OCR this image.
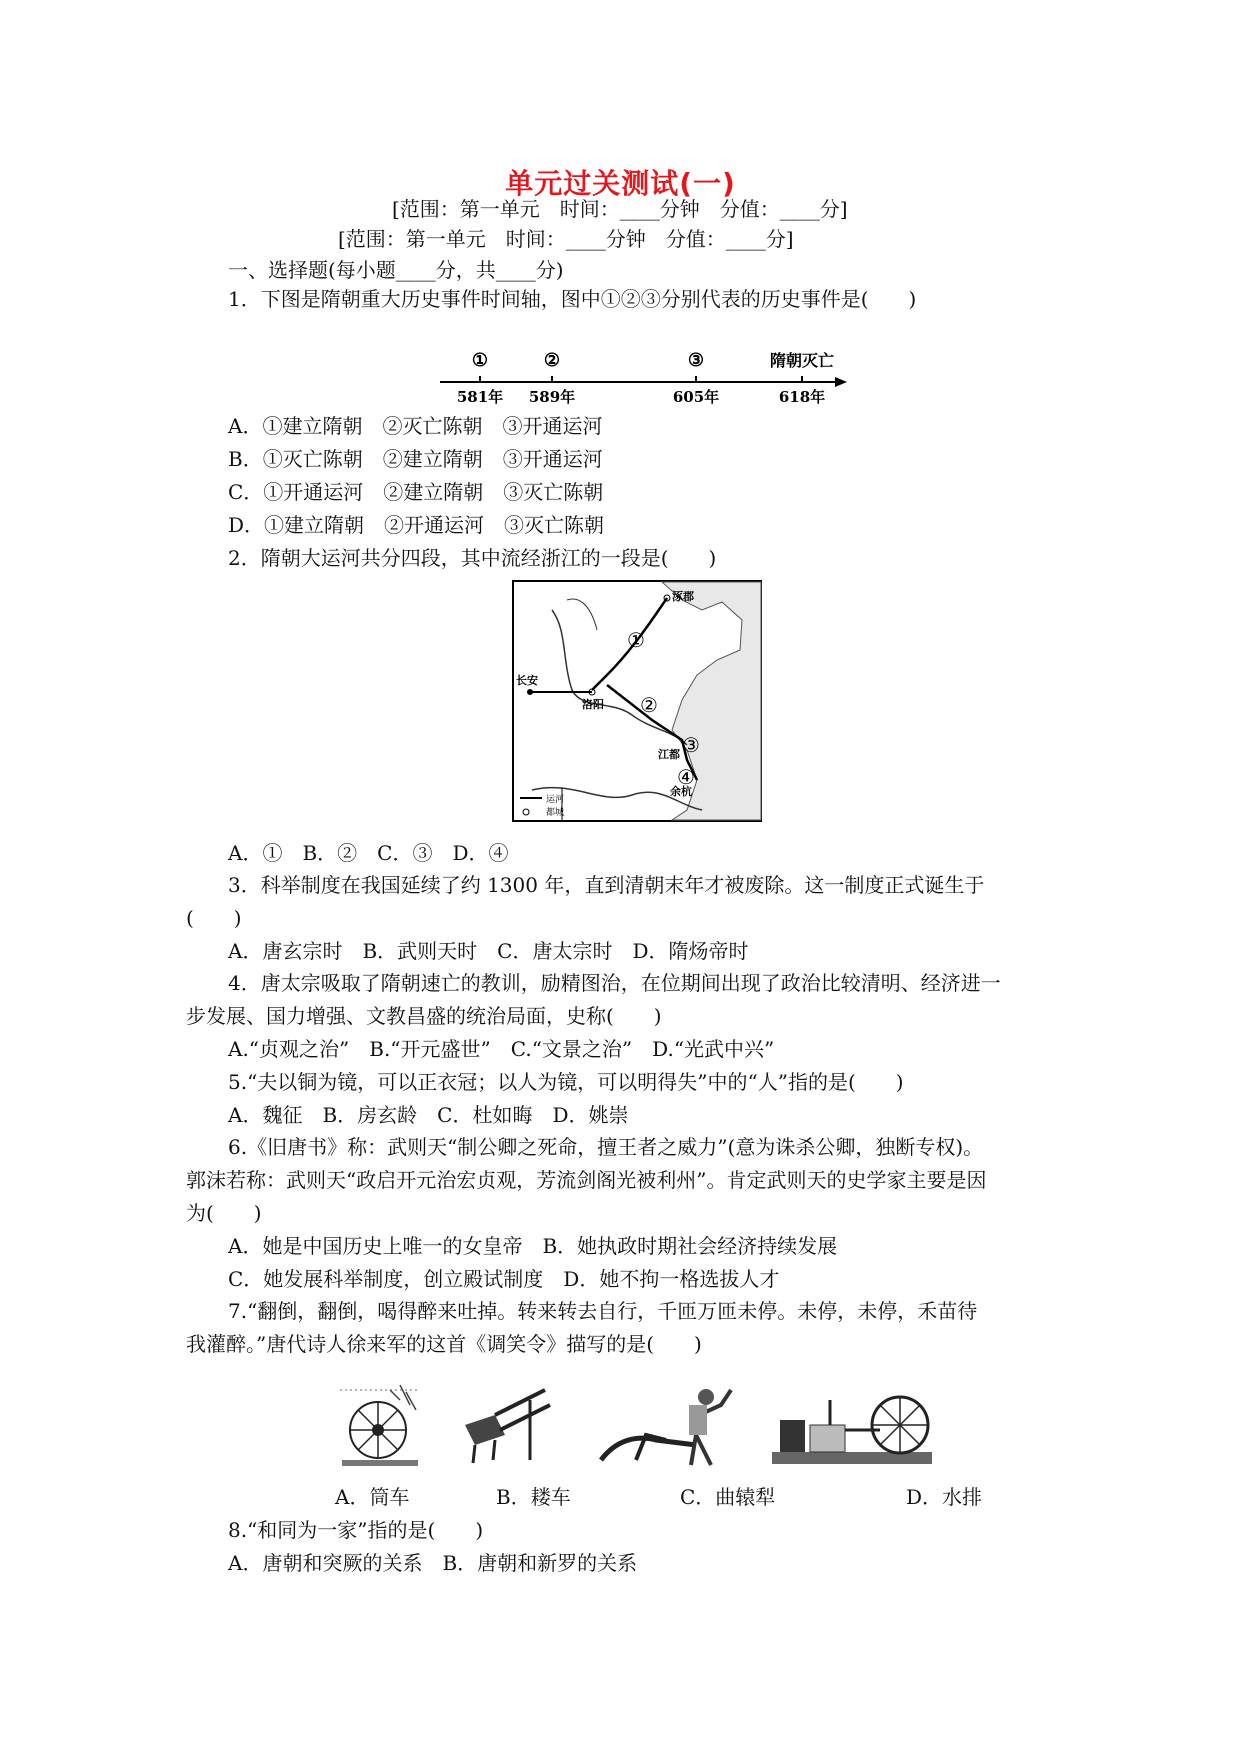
单元过关测试(一)
[范围：第一单元　时间：____分钟　分值：____分]
[范围：第一单元　时间：____分钟　分值：____分]
一、选择题(每小题____分，共____分)
1．下图是隋朝重大历史事件时间轴，图中①②③分别代表的历史事件是(　　)
①	②	③	隋朝灭亡
581年 589年	605年	618年
A．①建立隋朝　②灭亡陈朝　③开通运河
B．①灭亡陈朝　②建立隋朝　③开通运河
C．①开通运河　②建立隋朝　③灭亡陈朝
D．①建立隋朝　②开通运河　③灭亡陈朝
2．隋朝大运河共分四段，其中流经浙江的一段是(　　)
涿郡
长安
洛阳
江都
余杭
①
②
③
④
运河
都城
A．①　B．②　C．③　D．④
3．科举制度在我国延续了约 1300 年，直到清朝末年才被废除。这一制度正式诞生于
(　　)
A．唐玄宗时　B．武则天时　C．唐太宗时　D．隋炀帝时
4．唐太宗吸取了隋朝速亡的教训，励精图治，在位期间出现了政治比较清明、经济进一
步发展、国力增强、文教昌盛的统治局面，史称(　　)
A.“贞观之治”　B.“开元盛世”　C.“文景之治”　D.“光武中兴”
5.“夫以铜为镜，可以正衣冠；以人为镜，可以明得失”中的“人”指的是(　　)
A．魏征　B．房玄龄　C．杜如晦　D．姚崇
6.《旧唐书》称：武则天“制公卿之死命，擅王者之威力”(意为诛杀公卿，独断专权)。
郭沫若称：武则天“政启开元治宏贞观，芳流剑阁光被利州”。肯定武则天的史学家主要是因
为(　　)
A．她是中国历史上唯一的女皇帝　B．她执政时期社会经济持续发展
C．她发展科举制度，创立殿试制度　D．她不拘一格选拔人才
7.“翻倒，翻倒，喝得醉来吐掉。转来转去自行，千匝万匝未停。未停，未停，禾苗待
我灌醉。”唐代诗人徐来军的这首《调笑令》描写的是(　　)
A．筒车	B．耧车	C．曲辕犁	D．水排
8.“和同为一家”指的是(　　)
A．唐朝和突厥的关系　B．唐朝和新罗的关系
